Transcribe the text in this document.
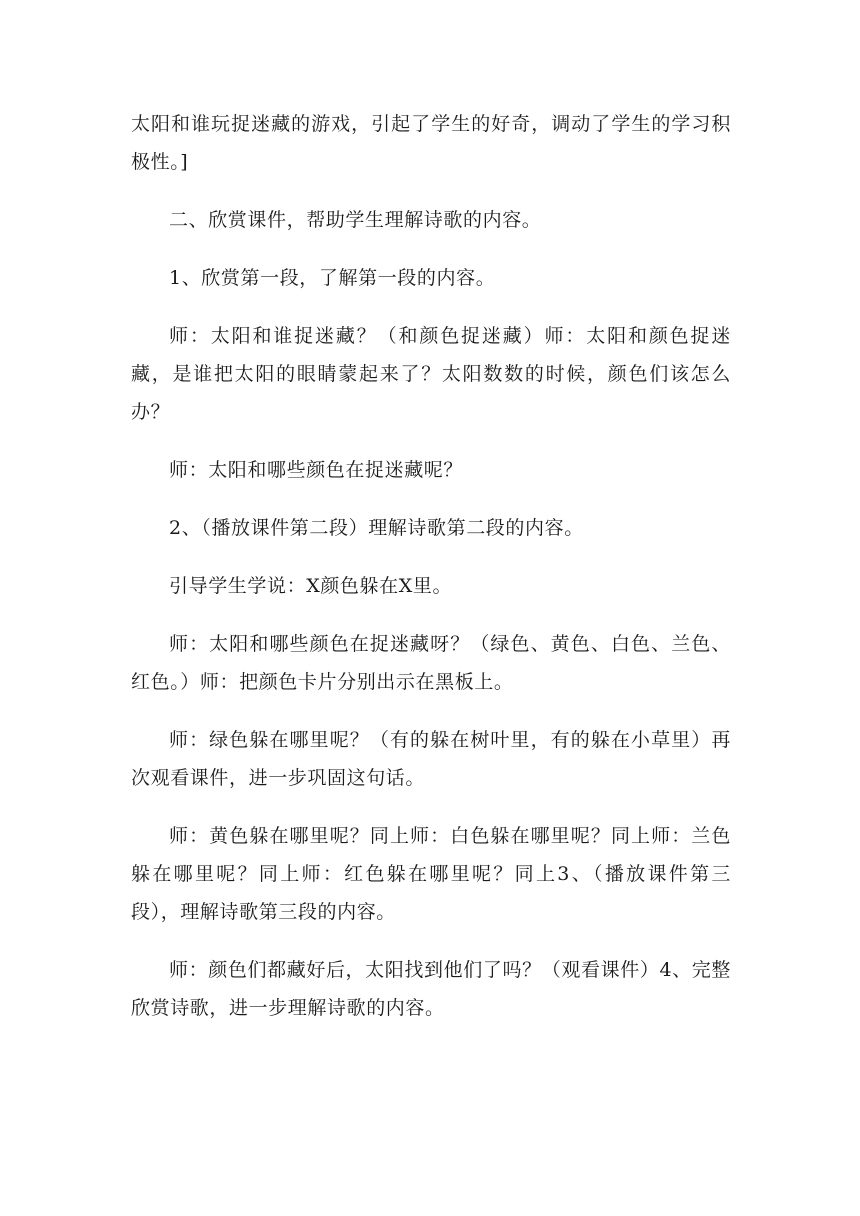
太阳和谁玩捉迷藏的游戏，引起了学生的好奇，调动了学生的学习积极性。]

二、欣赏课件，帮助学生理解诗歌的内容。

1、欣赏第一段，了解第一段的内容。

师：太阳和谁捉迷藏？（和颜色捉迷藏）师：太阳和颜色捉迷藏，是谁把太阳的眼睛蒙起来了？太阳数数的时候，颜色们该怎么办？

师：太阳和哪些颜色在捉迷藏呢？

2、（播放课件第二段）理解诗歌第二段的内容。

引导学生学说：X颜色躲在X里。

师：太阳和哪些颜色在捉迷藏呀？（绿色、黄色、白色、兰色、红色。）师：把颜色卡片分别出示在黑板上。

师：绿色躲在哪里呢？（有的躲在树叶里，有的躲在小草里）再次观看课件，进一步巩固这句话。

师：黄色躲在哪里呢？同上师：白色躲在哪里呢？同上师：兰色躲在哪里呢？同上师：红色躲在哪里呢？同上3、（播放课件第三段），理解诗歌第三段的内容。

师：颜色们都藏好后，太阳找到他们了吗？（观看课件）4、完整欣赏诗歌，进一步理解诗歌的内容。
